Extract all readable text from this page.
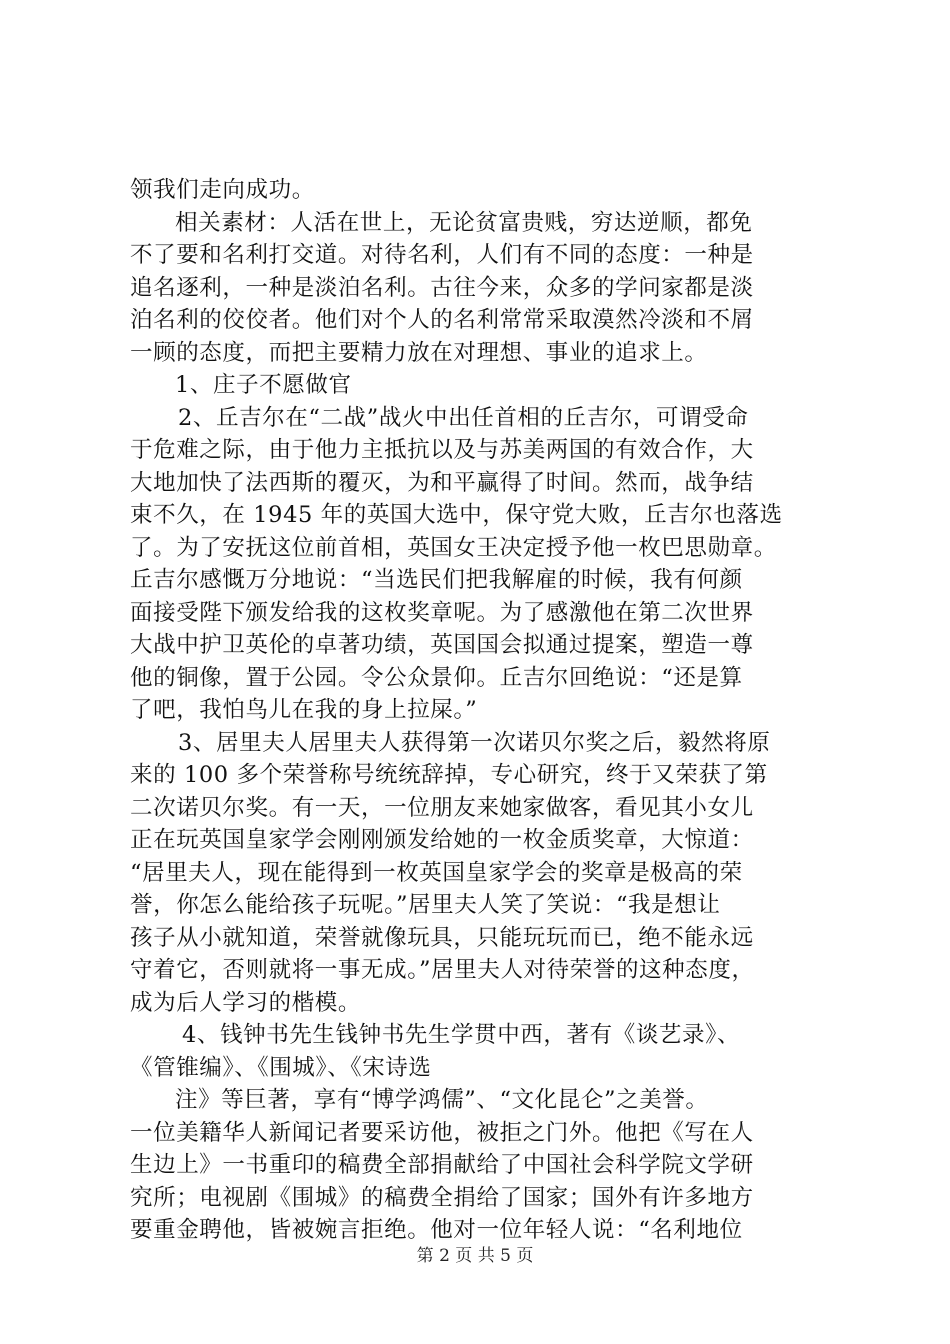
领我们走向成功。
相关素材：人活在世上，无论贫富贵贱，穷达逆顺，都免
不了要和名利打交道。对待名利，人们有不同的态度：一种是
追名逐利，一种是淡泊名利。古往今来，众多的学问家都是淡
泊名利的佼佼者。他们对个人的名利常常采取漠然冷淡和不屑
一顾的态度，而把主要精力放在对理想、事业的追求上。
1、庄子不愿做官
2、丘吉尔在“二战”战火中出任首相的丘吉尔，可谓受命
于危难之际，由于他力主抵抗以及与苏美两国的有效合作，大
大地加快了法西斯的覆灭，为和平赢得了时间。然而，战争结
束不久，在 1945 年的英国大选中，保守党大败，丘吉尔也落选
了。为了安抚这位前首相，英国女王决定授予他一枚巴思勋章。
丘吉尔感慨万分地说：“当选民们把我解雇的时候，我有何颜
面接受陛下颁发给我的这枚奖章呢。为了感激他在第二次世界
大战中护卫英伦的卓著功绩，英国国会拟通过提案，塑造一尊
他的铜像，置于公园。令公众景仰。丘吉尔回绝说：“还是算
了吧，我怕鸟儿在我的身上拉屎。”
3、居里夫人居里夫人获得第一次诺贝尔奖之后，毅然将原
来的 100 多个荣誉称号统统辞掉，专心研究，终于又荣获了第
二次诺贝尔奖。有一天，一位朋友来她家做客，看见其小女儿
正在玩英国皇家学会刚刚颁发给她的一枚金质奖章，大惊道：
“居里夫人，现在能得到一枚英国皇家学会的奖章是极高的荣
誉，你怎么能给孩子玩呢。”居里夫人笑了笑说：“我是想让
孩子从小就知道，荣誉就像玩具，只能玩玩而已，绝不能永远
守着它，否则就将一事无成。”居里夫人对待荣誉的这种态度，
成为后人学习的楷模。
4、钱钟书先生钱钟书先生学贯中西，著有《谈艺录》、
《管锥编》、《围城》、《宋诗选
注》等巨著，享有“博学鸿儒”、“文化昆仑”之美誉。
一位美籍华人新闻记者要采访他，被拒之门外。他把《写在人
生边上》一书重印的稿费全部捐献给了中国社会科学院文学研
究所；电视剧《围城》的稿费全捐给了国家；国外有许多地方
要重金聘他，皆被婉言拒绝。他对一位年轻人说：“名利地位
第 2 页 共 5 页
